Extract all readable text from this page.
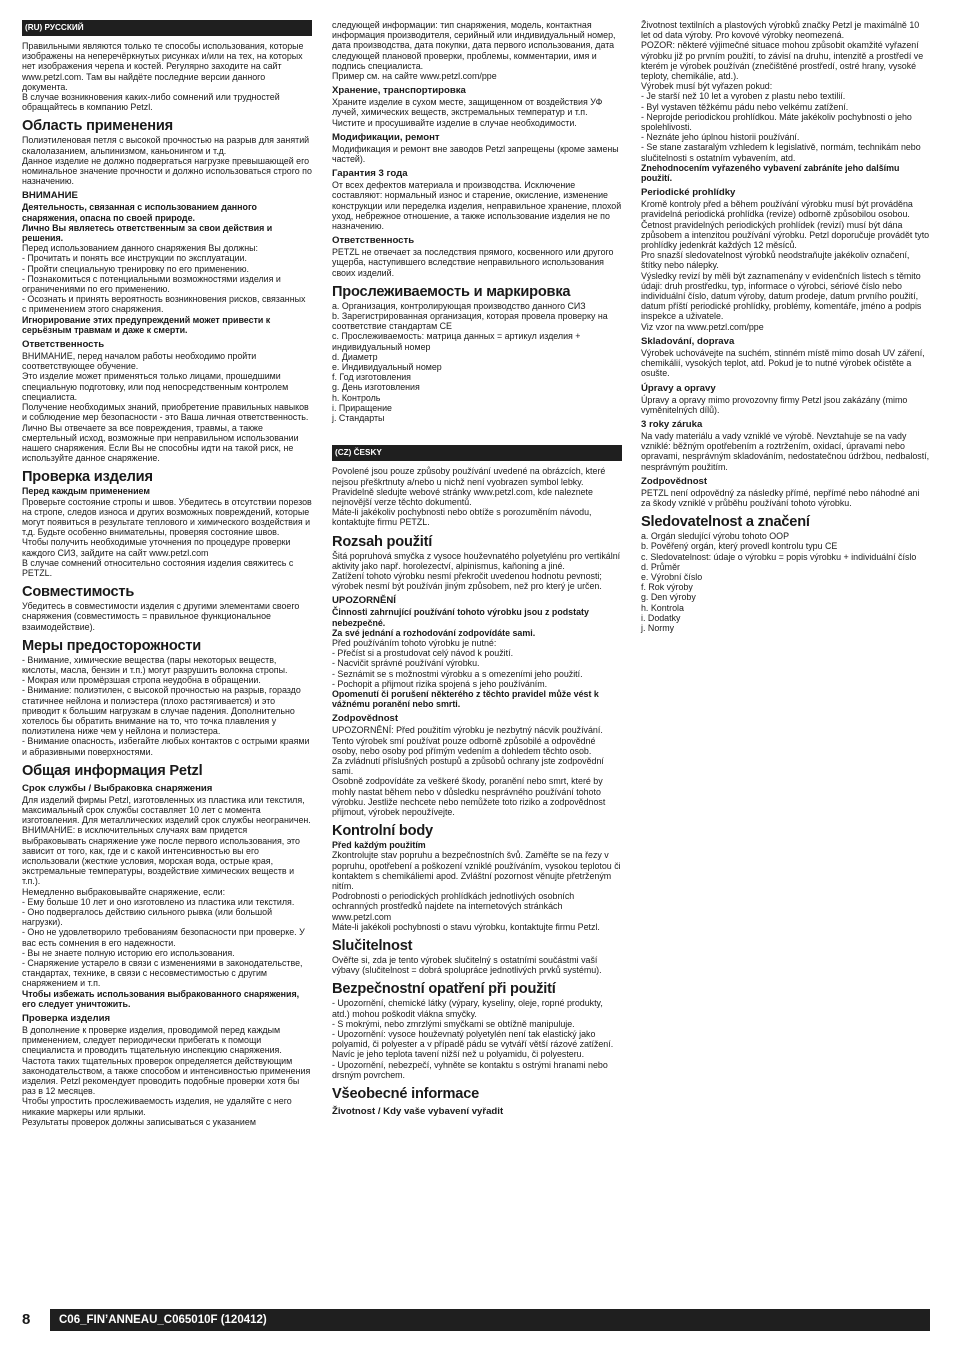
(RU) РУССКИЙ
Правильными являются только те способы использования, которые изображены на неперечёркнутых рисунках и/или на тех, на которых нет изображения черепа и костей. Регулярно заходите на сайт www.petzl.com. Там вы найдёте последние версии данного документа.
В случае возникновения каких-либо сомнений или трудностей обращайтесь в компанию Petzl.
Область применения
Полиэтиленовая петля с высокой прочностью на разрыв для занятий скалолазанием, альпинизмом, каньонингом и т.д.
Данное изделие не должно подвергаться нагрузке превышающей его номинальное значение прочности и должно использоваться строго по назначению.
ВНИМАНИЕ
Деятельность, связанная с использованием данного снаряжения, опасна по своей природе.
Лично Вы являетесь ответственным за свои действия и решения.
Перед использованием данного снаряжения Вы должны:
- Прочитать и понять все инструкции по эксплуатации.
- Пройти специальную тренировку по его применению.
- Познакомиться с потенциальными возможностями изделия и ограничениями по его применению.
- Осознать и принять вероятность возникновения рисков, связанных с применением этого снаряжения.
Игнорирование этих предупреждений может привести к серьёзным травмам и даже к смерти.
Ответственность
ВНИМАНИЕ, перед началом работы необходимо пройти соответствующее обучение.
Это изделие может применяться только лицами, прошедшими специальную подготовку, или под непосредственным контролем специалиста.
Получение необходимых знаний, приобретение правильных навыков и соблюдение мер безопасности - это Ваша личная ответственность.
Лично Вы отвечаете за все повреждения, травмы, а также смертельный исход, возможные при неправильном использовании нашего снаряжения. Если Вы не способны идти на такой риск, не используйте данное снаряжение.
Проверка изделия
Перед каждым применением
Проверьте состояние стропы и швов. Убедитесь в отсутствии порезов на стропе, следов износа и других возможных повреждений, которые могут появиться в результате теплового и химического воздействия и т.д. Будьте особенно внимательны, проверяя состояние швов.
Чтобы получить необходимые уточнения по процедуре проверки каждого СИЗ, зайдите на сайт www.petzl.com
В случае сомнений относительно состояния изделия свяжитесь с PETZL.
Совместимость
Убедитесь в совместимости изделия с другими элементами своего снаряжения (совместимость = правильное функциональное взаимодействие).
Меры предосторожности
- Внимание, химические вещества (пары некоторых веществ, кислоты, масла, бензин и т.п.) могут разрушить волокна стропы.
- Мокрая или промёрзшая стропа неудобна в обращении.
- Внимание: полиэтилен, с высокой прочностью на разрыв, гораздо статичнее нейлона и полиэстера (плохо растягивается) и это приводит к большим нагрузкам в случае падения. Дополнительно хотелось бы обратить внимание на то, что точка плавления у полиэтилена ниже чем у нейлона и полиэстера.
- Внимание опасность, избегайте любых контактов с острыми краями и абразивными поверхностями.
Общая информация Petzl
Срок службы / Выбраковка снаряжения
Для изделий фирмы Petzl, изготовленных из пластика или текстиля, максимальный срок службы составляет 10 лет с момента изготовления. Для металлических изделий срок службы неограничен.
ВНИМАНИЕ: в исключительных случаях вам придется выбраковывать снаряжение уже после первого использования, это зависит от того, как, где и с какой интенсивностью вы его использовали (жесткие условия, морская вода, острые края, экстремальные температуры, воздействие химических веществ и т.п.).
Немедленно выбраковывайте снаряжение, если:
- Ему больше 10 лет и оно изготовлено из пластика или текстиля.
- Оно подвергалось действию сильного рывка (или большой нагрузки).
- Оно не удовлетворило требованиям безопасности при проверке. У вас есть сомнения в его надежности.
- Вы не знаете полную историю его использования.
- Снаряжение устарело в связи с изменениями в законодательстве, стандартах, технике, в связи с несовместимостью с другим снаряжением и т.п.
Чтобы избежать использования выбракованного снаряжения, его следует уничтожить.
Проверка изделия
В дополнение к проверке изделия, проводимой перед каждым применением, следует периодически прибегать к помощи специалиста и проводить тщательную инспекцию снаряжения. Частота таких тщательных проверок определяется действующим законодательством, а также способом и интенсивностью применения изделия. Petzl рекомендует проводить подобные проверки хотя бы раз в 12 месяцев.
Чтобы упростить прослеживаемость изделия, не удаляйте с него никакие маркеры или ярлыки.
Результаты проверок должны записываться с указанием
следующей информации: тип снаряжения, модель, контактная информация производителя, серийный или индивидуальный номер, дата производства, дата покупки, дата первого использования, дата следующей плановой проверки, проблемы, комментарии, имя и подпись специалиста.
Пример см. на сайте www.petzl.com/ppe
Хранение, транспортировка
Храните изделие в сухом месте, защищенном от воздействия УФ лучей, химических веществ, экстремальных температур и т.п. Чистите и просушивайте изделие в случае необходимости.
Модификации, ремонт
Модификация и ремонт вне заводов Petzl запрещены (кроме замены частей).
Гарантия 3 года
От всех дефектов материала и производства. Исключение составляют: нормальный износ и старение, окисление, изменение конструкции или переделка изделия, неправильное хранение, плохой уход, небрежное отношение, а также использование изделия не по назначению.
Ответственность
PETZL не отвечает за последствия прямого, косвенного или другого ущерба, наступившего вследствие неправильного использования своих изделий.
Прослеживаемость и маркировка
a. Организация, контролирующая производство данного СИЗ
b. Зарегистрированная организация, которая провела проверку на соответствие стандартам CE
c. Прослеживаемость: матрица данных = артикул изделия + индивидуальный номер
d. Диаметр
e. Индивидуальный номер
f. Год изготовления
g. День изготовления
h. Контроль
i. Приращение
j. Стандарты
(CZ) ČESKY
Povolené jsou pouze způsoby používání uvedené na obrázcích, které nejsou přeškrtnuty a/nebo u nichž není vyobrazen symbol lebky. Pravidelně sledujte webové stránky www.petzl.com, kde naleznete nejnovější verze těchto dokumentů.
Máte-li jakékoliv pochybnosti nebo obtíže s porozuměním návodu, kontaktujte firmu PETZL.
Rozsah použití
Šitá popruhová smyčka z vysoce houževnatého polyetylénu pro vertikální aktivity jako např. horolezectví, alpinismus, kaňoning a jiné.
Zatížení tohoto výrobku nesmí překročit uvedenou hodnotu pevnosti; výrobek nesmí být používán jiným způsobem, než pro který je určen.
UPOZORNĚNÍ
Činnosti zahrnující používání tohoto výrobku jsou z podstaty nebezpečné.
Za své jednání a rozhodování zodpovídáte sami.
Před používáním tohoto výrobku je nutné:
- Přečíst si a prostudovat celý návod k použití.
- Nacvičit správné používání výrobku.
- Seznámit se s možnostmi výrobku a s omezeními jeho použití.
- Pochopit a přijmout rizika spojená s jeho používáním.
Opomenutí či porušení některého z těchto pravidel může vést k vážnému poranění nebo smrti.
Zodpovědnost
UPOZORNĚNÍ: Před použitím výrobku je nezbytný nácvik používání.
Tento výrobek smí používat pouze odborně způsobilé a odpovědné osoby, nebo osoby pod přímým vedením a dohledem těchto osob.
Za zvládnutí příslušných postupů a způsobů ochrany jste zodpovědní sami.
Osobně zodpovídáte za veškeré škody, poranění nebo smrt, které by mohly nastat během nebo v důsledku nesprávného používání tohoto výrobku. Jestliže nechcete nebo nemůžete toto riziko a zodpovědnost přijmout, výrobek nepoužívejte.
Kontrolní body
Před každým použitím
Zkontrolujte stav popruhu a bezpečnostních švů. Zaměřte se na řezy v popruhu, opotřebení a poškození vzniklé používáním, vysokou teplotou či kontaktem s chemikáliemi apod. Zvláštní pozornost věnujte přetrženým nitím.
Podrobnosti o periodických prohlídkách jednotlivých osobních ochranných prostředků najdete na internetových stránkách www.petzl.com
Máte-li jakékoli pochybnosti o stavu výrobku, kontaktujte firmu Petzl.
Slučitelnost
Ověřte si, zda je tento výrobek slučitelný s ostatními součástmi vaší výbavy (slučitelnost = dobrá spolupráce jednotlivých prvků systému).
Bezpečnostní opatření při použití
- Upozornění, chemické látky (výpary, kyseliny, oleje, ropné produkty, atd.) mohou poškodit vlákna smyčky.
- S mokrými, nebo zmrzlými smyčkami se obtížně manipuluje.
- Upozornění: vysoce houževnatý polyetylén není tak elastický jako polyamid, či polyester a v případě pádu se vytváří větší rázové zatížení. Navíc je jeho teplota tavení nižší než u polyamidu, či polyesteru.
- Upozornění, nebezpečí, vyhněte se kontaktu s ostrými hranami nebo drsným povrchem.
Všeobecné informace
Životnost / Kdy vaše vybavení vyřadit
Životnost textilních a plastových výrobků značky Petzl je maximálně 10 let od data výroby. Pro kovové výrobky neomezená.
POZOR: některé výjimečné situace mohou způsobit okamžité vyřazení výrobku již po prvním použití, to závisí na druhu, intenzitě a prostředí ve kterém je výrobek používán (znečištěné prostředí, ostré hrany, vysoké teploty, chemikálie, atd.).
Výrobek musí být vyřazen pokud:
- Je starší než 10 let a vyroben z plastu nebo textilií.
- Byl vystaven těžkému pádu nebo velkému zatížení.
- Neprojde periodickou prohlídkou. Máte jakékoliv pochybnosti o jeho spolehlivosti.
- Neznáte jeho úplnou historii používání.
- Se stane zastaralým vzhledem k legislativě, normám, technikám nebo slučitelnosti s ostatním vybavením, atd.
Znehodnocením vyřazeného vybavení zabráníte jeho dalšímu použití.
Periodické prohlídky
Kromě kontroly před a během používání výrobku musí být prováděna pravidelná periodická prohlídka (revize) odborně způsobilou osobou. Četnost pravidelných periodických prohlídek (revizí) musí být dána způsobem a intenzitou používání výrobku. Petzl doporučuje provádět tyto prohlídky jedenkrát každých 12 měsíců.
Pro snazší sledovatelnost výrobků neodstraňujte jakékoliv označení, štítky nebo nálepky.
Výsledky revizí by měli být zaznamenány v evidenčních listech s těmito údaji: druh prostředku, typ, informace o výrobci, sériové číslo nebo individuální číslo, datum výroby, datum prodeje, datum prvního použití, datum příští periodické prohlídky, problémy, komentáře, jméno a podpis inspekce a uživatele.
Viz vzor na www.petzl.com/ppe
Skladování, doprava
Výrobek uchovávejte na suchém, stinném místě mimo dosah UV záření, chemikálií, vysokých teplot, atd. Pokud je to nutné výrobek očistěte a osušte.
Úpravy a opravy
Úpravy a opravy mimo provozovny firmy Petzl jsou zakázány (mimo vyměnitelných dílů).
3 roky záruka
Na vady materiálu a vady vzniklé ve výrobě. Nevztahuje se na vady vzniklé: běžným opotřebením a roztržením, oxidací, úpravami nebo opravami, nesprávným skladováním, nedostatečnou údržbou, nedbalostí, nesprávným použitím.
Zodpovědnost
PETZL není odpovědný za následky přímé, nepřímé nebo náhodné ani za škody vzniklé v průběhu používání tohoto výrobku.
Sledovatelnost a značení
a. Orgán sledující výrobu tohoto OOP
b. Pověřený orgán, který provedl kontrolu typu CE
c. Sledovatelnost: údaje o výrobku = popis výrobku + individuální číslo
d. Průměr
e. Výrobní číslo
f. Rok výroby
g. Den výroby
h. Kontrola
i. Dodatky
j. Normy
8	C06_FIN’ANNEAU_C065010F (120412)
